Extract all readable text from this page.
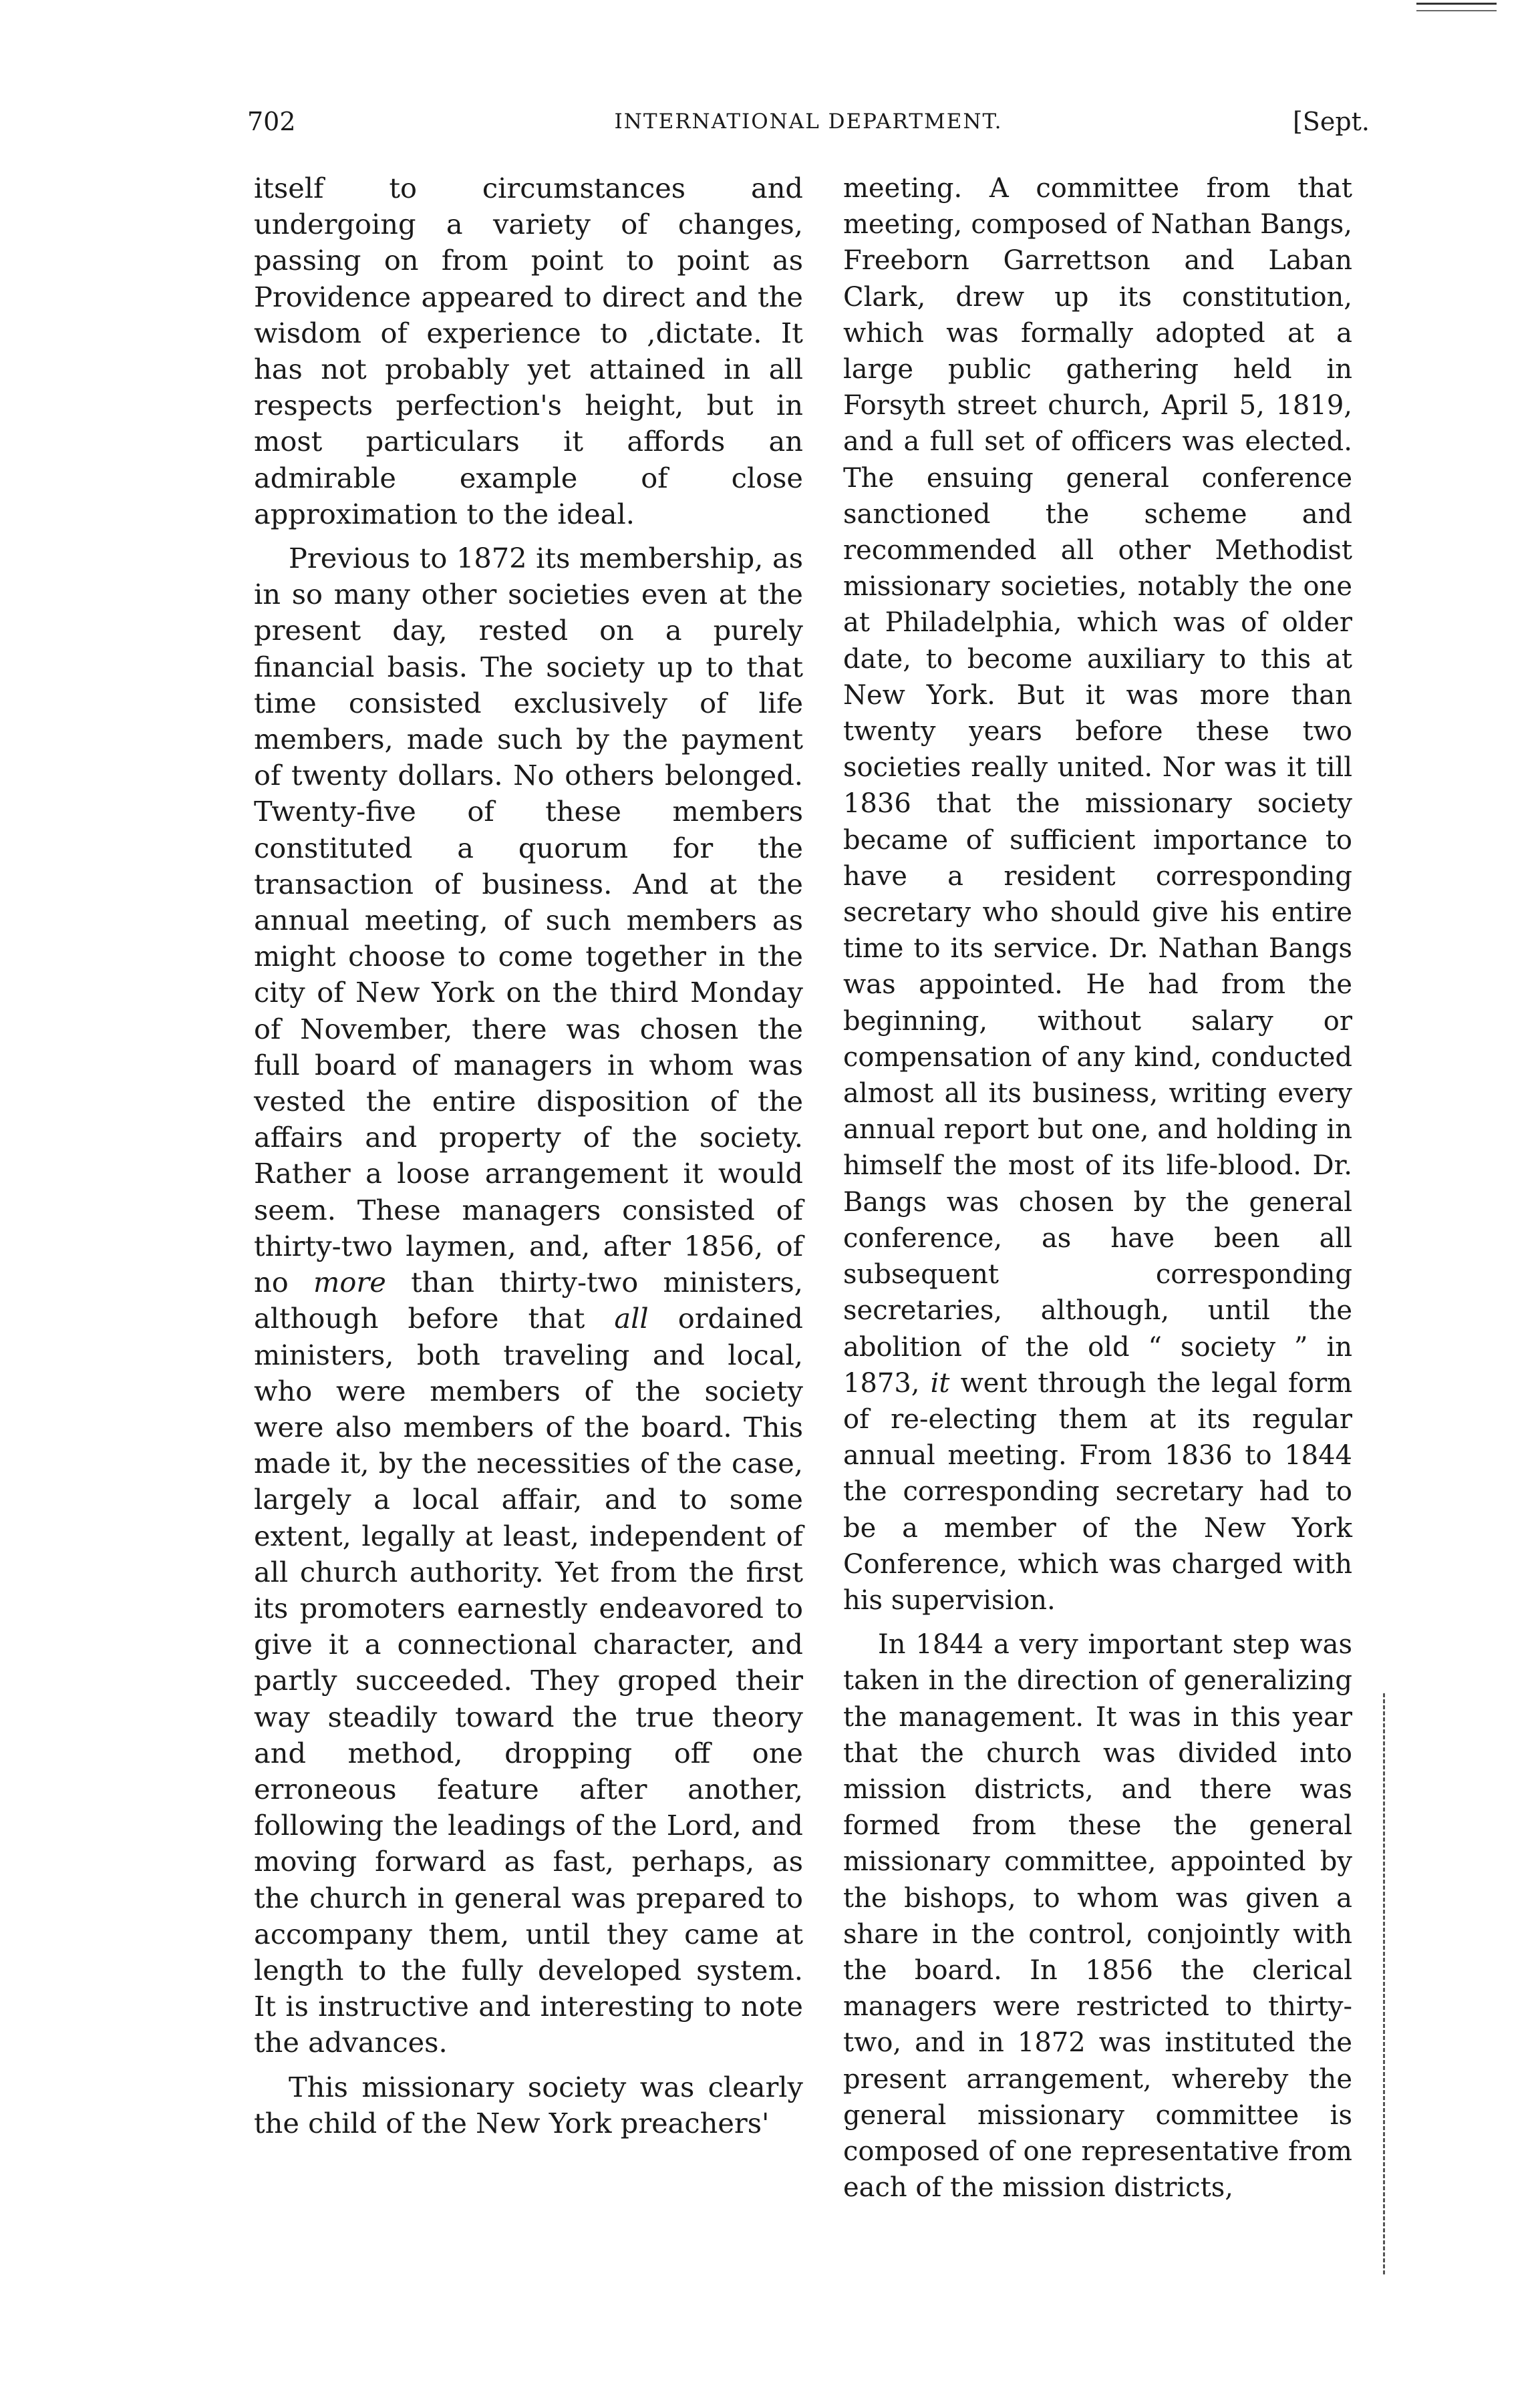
702	INTERNATIONAL DEPARTMENT.	[Sept.

itself to circumstances and undergoing a variety of changes, passing on from point to point as Providence appeared to direct and the wisdom of experience to ,dictate. It has not probably yet attained in all respects perfection's height, but in most particulars it affords an admirable example of close approximation to the ideal.

Previous to 1872 its membership, as in so many other societies even at the present day, rested on a purely financial basis. The society up to that time consisted exclusively of life members, made such by the payment of twenty dollars. No others belonged. Twenty-five of these members constituted a quorum for the transaction of business. And at the annual meeting, of such members as might choose to come together in the city of New York on the third Monday of November, there was chosen the full board of managers in whom was vested the entire disposition of the affairs and property of the society. Rather a loose arrangement it would seem. These managers consisted of thirty-two laymen, and, after 1856, of no more than thirty-two ministers, although before that all ordained ministers, both traveling and local, who were members of the society were also members of the board. This made it, by the necessities of the case, largely a local affair, and to some extent, legally at least, independent of all church authority. Yet from the first its promoters earnestly endeavored to give it a connectional character, and partly succeeded. They groped their way steadily toward the true theory and method, dropping off one erroneous feature after another, following the leadings of the Lord, and moving forward as fast, perhaps, as the church in general was prepared to accompany them, until they came at length to the fully developed system. It is instructive and interesting to note the advances.

This missionary society was clearly the child of the New York preachers'

meeting. A committee from that meeting, composed of Nathan Bangs, Freeborn Garrettson and Laban Clark, drew up its constitution, which was formally adopted at a large public gathering held in Forsyth street church, April 5, 1819, and a full set of officers was elected. The ensuing general conference sanctioned the scheme and recommended all other Methodist missionary societies, notably the one at Philadelphia, which was of older date, to become auxiliary to this at New York. But it was more than twenty years before these two societies really united. Nor was it till 1836 that the missionary society became of sufficient importance to have a resident corresponding secretary who should give his entire time to its service. Dr. Nathan Bangs was appointed. He had from the beginning, without salary or compensation of any kind, conducted almost all its business, writing every annual report but one, and holding in himself the most of its life-blood. Dr. Bangs was chosen by the general conference, as have been all subsequent corresponding secretaries, although, until the abolition of the old “ society ” in 1873, it went through the legal form of re-electing them at its regular annual meeting. From 1836 to 1844 the corresponding secretary had to be a member of the New York Conference, which was charged with his supervision.

In 1844 a very important step was taken in the direction of generalizing the management. It was in this year that the church was divided into mission districts, and there was formed from these the general missionary committee, appointed by the bishops, to whom was given a share in the control, conjointly with the board. In 1856 the clerical managers were restricted to thirty-two, and in 1872 was instituted the present arrangement, whereby the general missionary committee is composed of one representative from each of the mission districts,
